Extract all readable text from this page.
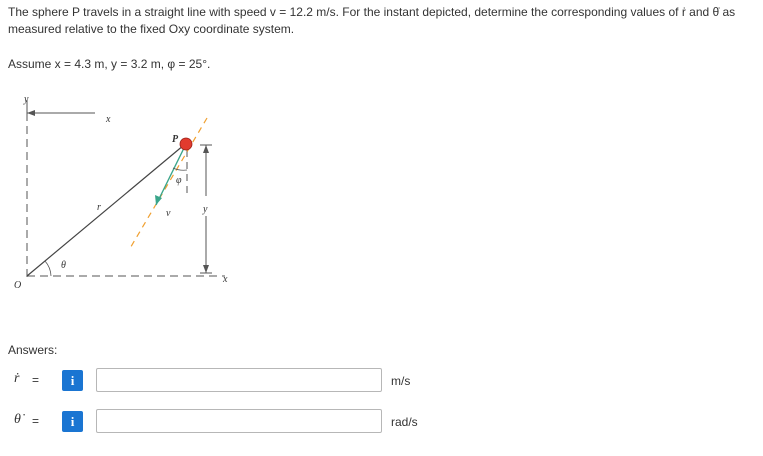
The sphere P travels in a straight line with speed v = 12.2 m/s. For the instant depicted, determine the corresponding values of ṙ and θ̇ as measured relative to the fixed Oxy coordinate system.
Assume x = 4.3 m, y = 3.2 m, φ = 25°.
y
x
P
r
v
φ
y
x
θ
O
Answers:
ṙ =	i	m/s
θ̇ =	i	rad/s
